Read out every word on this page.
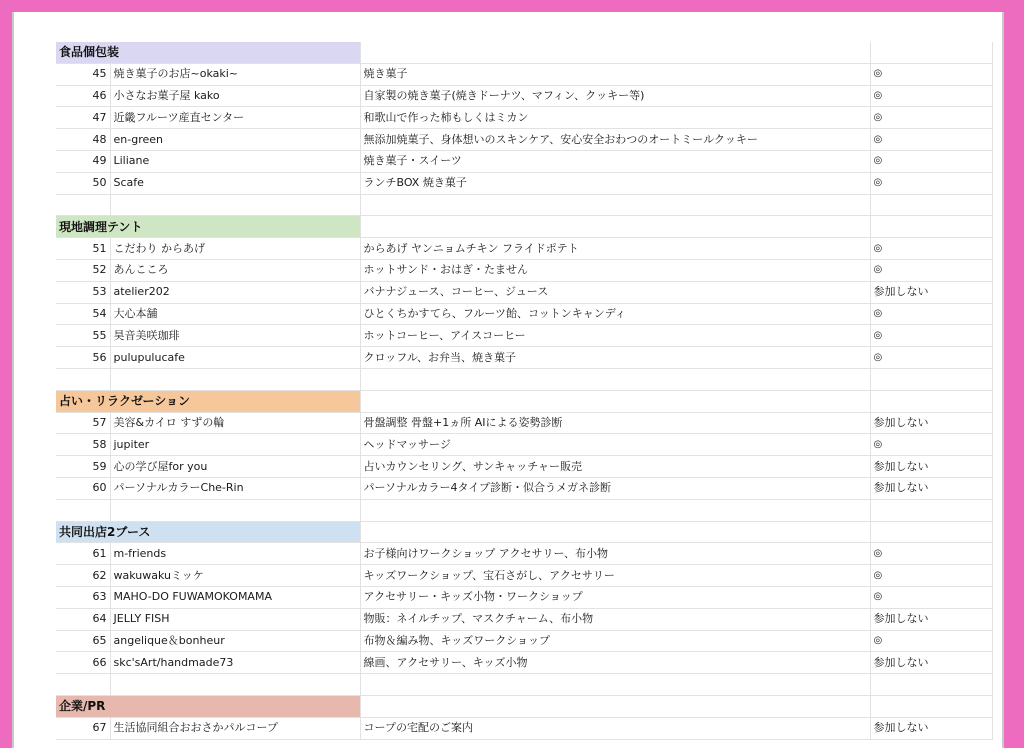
食品個包装			
45	焼き菓子のお店~okaki~	焼き菓子	◎
46	小さなお菓子屋 kako	自家製の焼き菓子(焼きドーナツ、マフィン、クッキー等)	◎
47	近畿フルーツ産直センター	和歌山で作った柿もしくはミカン	◎
48	en-green	無添加焼菓子、身体想いのスキンケア、安心安全おわつのオートミールクッキー	◎
49	Liliane	焼き菓子・スイーツ	◎
50	Scafe	ランチBOX 焼き菓子	◎

現地調理テント			
51	こだわり からあげ	からあげ ヤンニョムチキン フライドポテト	◎
52	あんこころ	ホットサンド・おはぎ・たません	◎
53	atelier202	バナナジュース、コーヒー、ジュース	参加しない
54	大心本舗	ひとくちかすてら、フルーツ飴、コットンキャンディ	◎
55	昊音美咲珈琲	ホットコーヒー、アイスコーヒー	◎
56	pulupulucafe	クロッフル、お弁当、焼き菓子	◎

占い・リラクゼーション			
57	美容&カイロ すずの輪	骨盤調整 骨盤+1ヵ所 AIによる姿勢診断	参加しない
58	jupiter	ヘッドマッサージ	◎
59	心の学び屋for you	占いカウンセリング、サンキャッチャー販売	参加しない
60	パーソナルカラーChe-Rin	パーソナルカラー4タイプ診断・似合うメガネ診断	参加しない

共同出店2ブース			
61	m-friends	お子様向けワークショップ アクセサリー、布小物	◎
62	wakuwakuミッケ	キッズワークショップ、宝石さがし、アクセサリー	◎
63	MAHO-DO FUWAMOKOMAMA	アクセサリー・キッズ小物・ワークショップ	◎
64	JELLY FISH	物販：ネイルチップ、マスクチャーム、布小物	参加しない
65	angelique＆bonheur	布物＆編み物、キッズワークショップ	◎
66	skc'sArt/handmade73	線画、アクセサリー、キッズ小物	参加しない

企業/PR			
67	生活協同組合おおさかパルコープ	コープの宅配のご案内	参加しない
